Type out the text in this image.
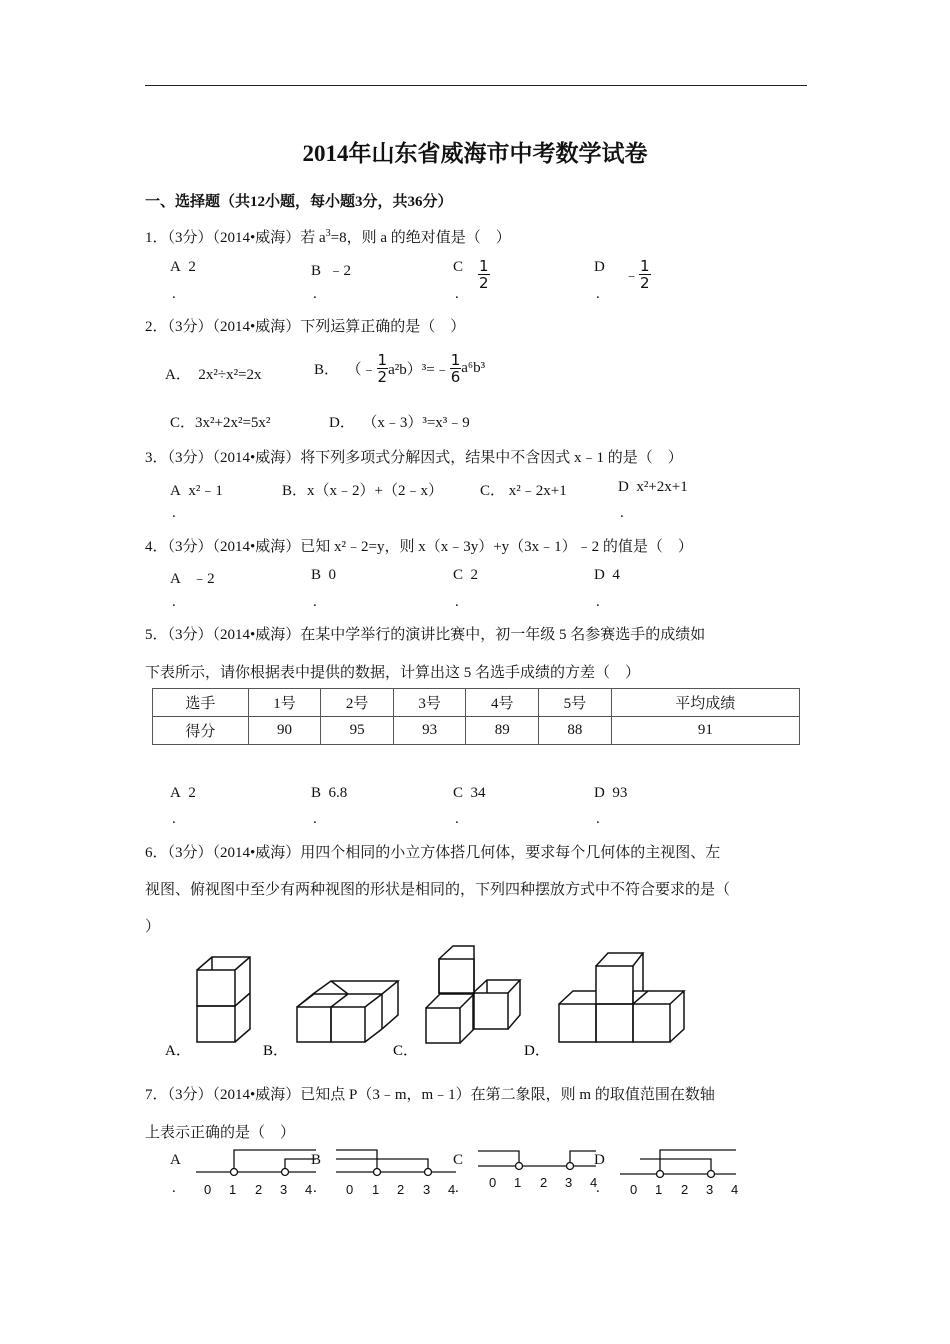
2014年山东省威海市中考数学试卷
一、选择题（共12小题，每小题3分，共36分）
1．（3分）（2014•威海）若 $a^3=8$，则 a 的绝对值是（　）
A 2
.
B ﹣2
.
C $\frac{1}{2}$
.
D
﹣ $\frac{1}{2}$
.
2．（3分）（2014•威海）下列运算正确的是（　）
A． 2x²÷x²=2x	B． （﹣ $\frac{1}{2}$ a²b）³=﹣ $\frac{1}{6} a^6b^3$
C．3x²+2x²=5x²	D． （x﹣3）³=x³﹣9
3．（3分）（2014•威海）将下列多项式分解因式，结果中不含因式 x﹣1 的是（　）
A x²﹣1
.
B．x（x﹣2）+（2﹣x） C． x²﹣2x+1	D x²+2x+1
.
4．（3分）（2014•威海）已知 x²﹣2=y，则 x（x﹣3y）+y（3x﹣1）﹣2 的值是（　）
A ﹣2
.
B 0
.
C 2
.
D 4
.
5．（3分）（2014•威海）在某中学举行的演讲比赛中，初一年级 5 名参赛选手的成绩如
下表所示，请你根据表中提供的数据，计算出这 5 名选手成绩的方差（　）
选手	1号	2号	3号	4号	5号	平均成绩
得分	90	95	93	89	88	91
A 2
.
B 6.8
.
C 34
.
D 93
.
6．（3分）（2014•威海）用四个相同的小立方体搭几何体，要求每个几何体的主视图、左
视图、俯视图中至少有两种视图的形状是相同的，下列四种摆放方式中不符合要求的是（
）
A．	B．	C．	D．
7．（3分）（2014•威海）已知点 P（3﹣m，m﹣1）在第二象限，则 m 的取值范围在数轴
上表示正确的是（　）
A
.
B
.
C
.
D
.
0 1 2 3 4	0 1 2 3 4	0 1 2 3 4	0 1 2 3 4
